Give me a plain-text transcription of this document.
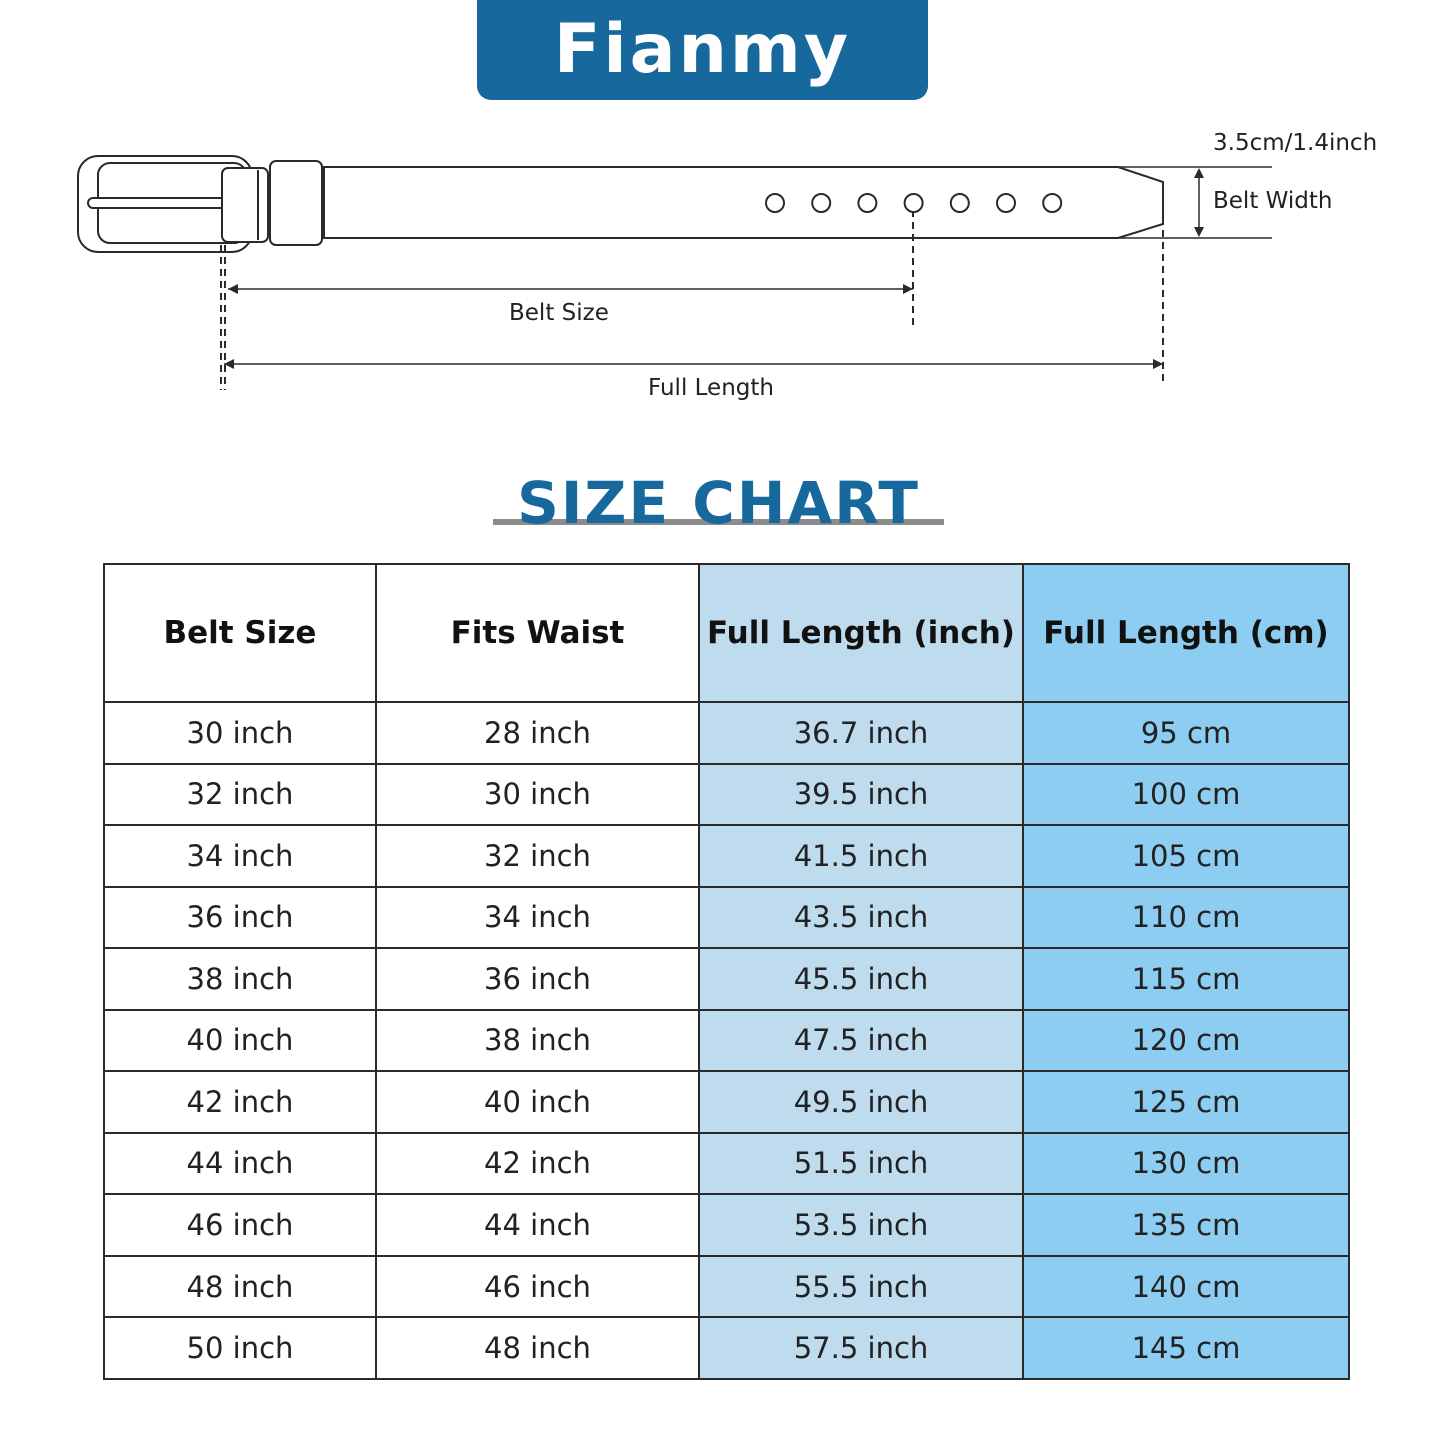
Fianmy
3.5cm/1.4inch
Belt Width
Belt Size
Full Length
SIZE CHART
Belt Size	Fits Waist	Full Length (inch)	Full Length (cm)
30 inch	28 inch	36.7 inch	95 cm
32 inch	30 inch	39.5 inch	100 cm
34 inch	32 inch	41.5 inch	105 cm
36 inch	34 inch	43.5 inch	110 cm
38 inch	36 inch	45.5 inch	115 cm
40 inch	38 inch	47.5 inch	120 cm
42 inch	40 inch	49.5 inch	125 cm
44 inch	42 inch	51.5 inch	130 cm
46 inch	44 inch	53.5 inch	135 cm
48 inch	46 inch	55.5 inch	140 cm
50 inch	48 inch	57.5 inch	145 cm
